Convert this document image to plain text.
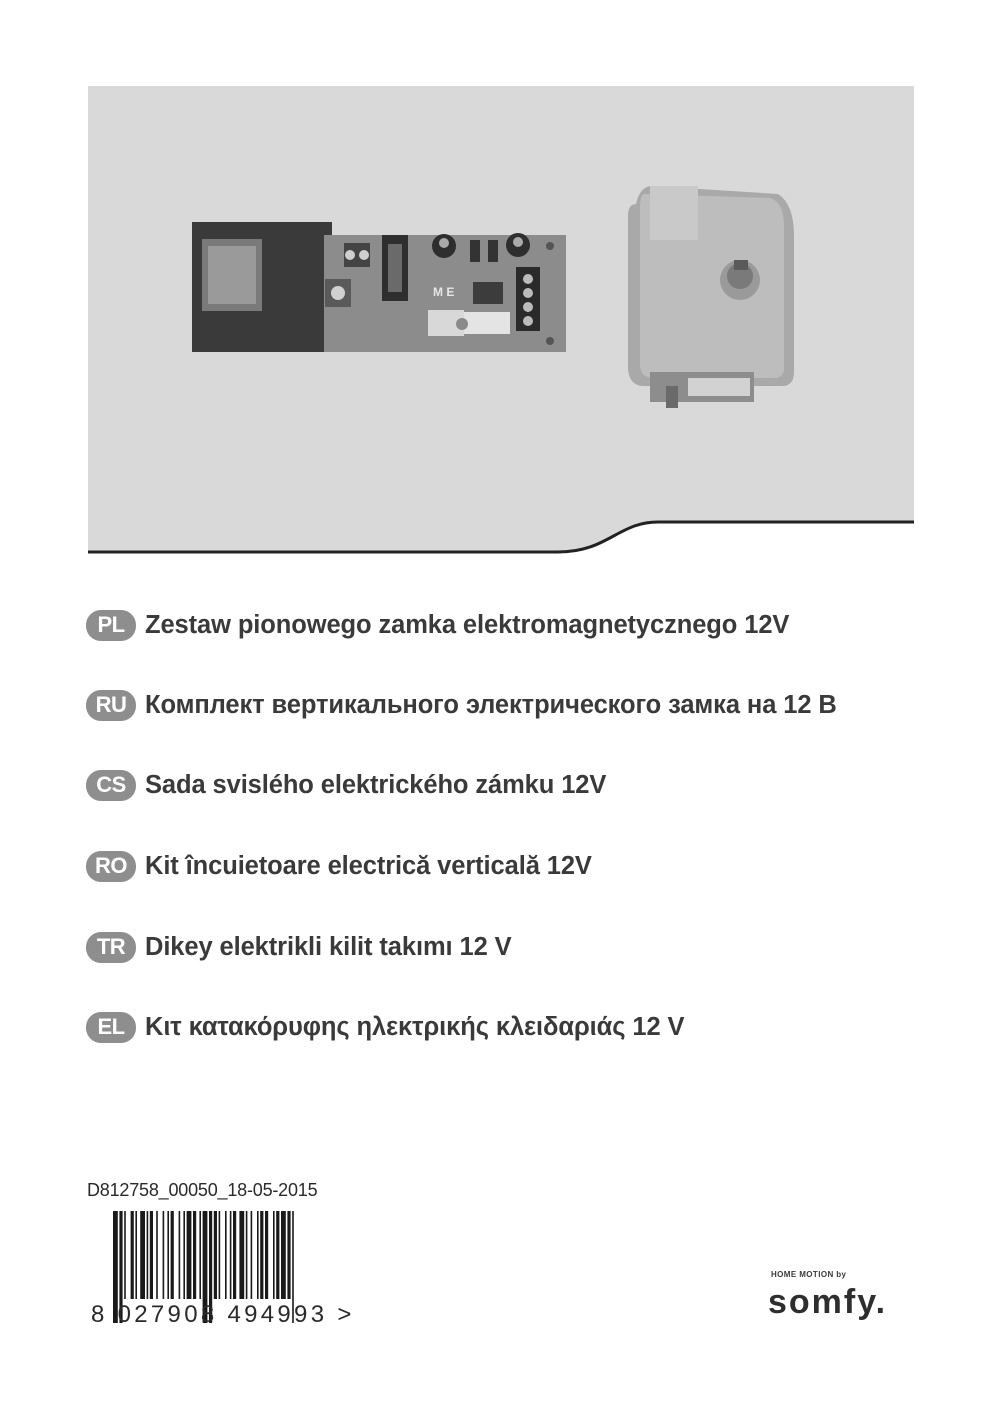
M E
PL Zestaw pionowego zamka elektromagnetycznego 12V
RU Комплект вертикального электрического замка на 12 В
CS Sada svislého elektrického zámku 12V
RO Kit încuietoare electrică verticală 12V
TR Dikey elektrikli kilit takımı 12 V
EL Κιτ κατακόρυφης ηλεκτρικής κλειδαριάς 12 V
D812758_00050_18-05-2015
8 027908 494993 >
HOME MOTION by
somfy.
